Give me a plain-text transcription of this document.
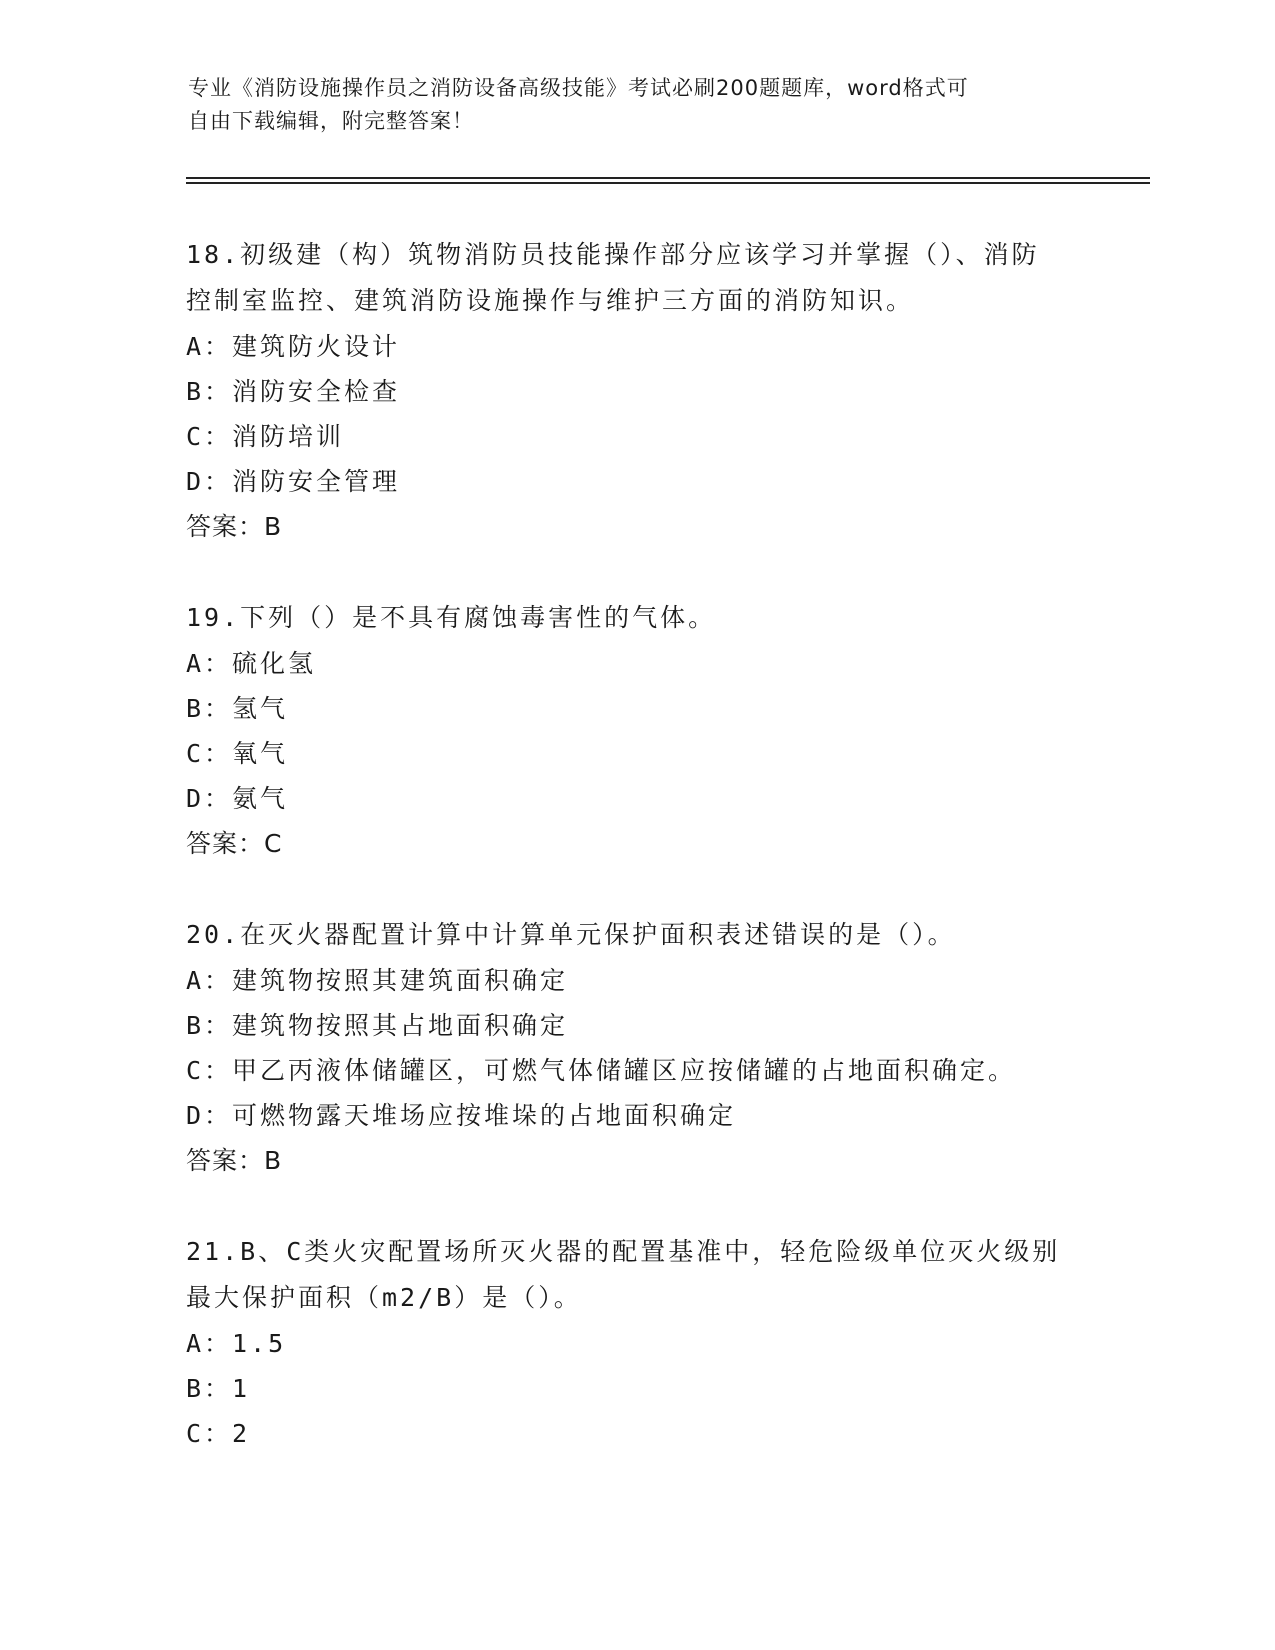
专业《消防设施操作员之消防设备高级技能》考试必刷200题题库，word格式可
自由下载编辑，附完整答案！

18.初级建（构）筑物消防员技能操作部分应该学习并掌握（）、消防

控制室监控、建筑消防设施操作与维护三方面的消防知识。

A：建筑防火设计

B：消防安全检查

C：消防培训

D：消防安全管理

答案：B

19.下列（）是不具有腐蚀毒害性的气体。

A：硫化氢

B：氢气

C：氧气

D：氨气

答案：C

20.在灭火器配置计算中计算单元保护面积表述错误的是（）。

A：建筑物按照其建筑面积确定

B：建筑物按照其占地面积确定

C：甲乙丙液体储罐区，可燃气体储罐区应按储罐的占地面积确定。

D：可燃物露天堆场应按堆垛的占地面积确定

答案：B

21.B、C类火灾配置场所灭火器的配置基准中，轻危险级单位灭火级别

最大保护面积（m2/B）是（）。

A：1.5

B：1

C：2
